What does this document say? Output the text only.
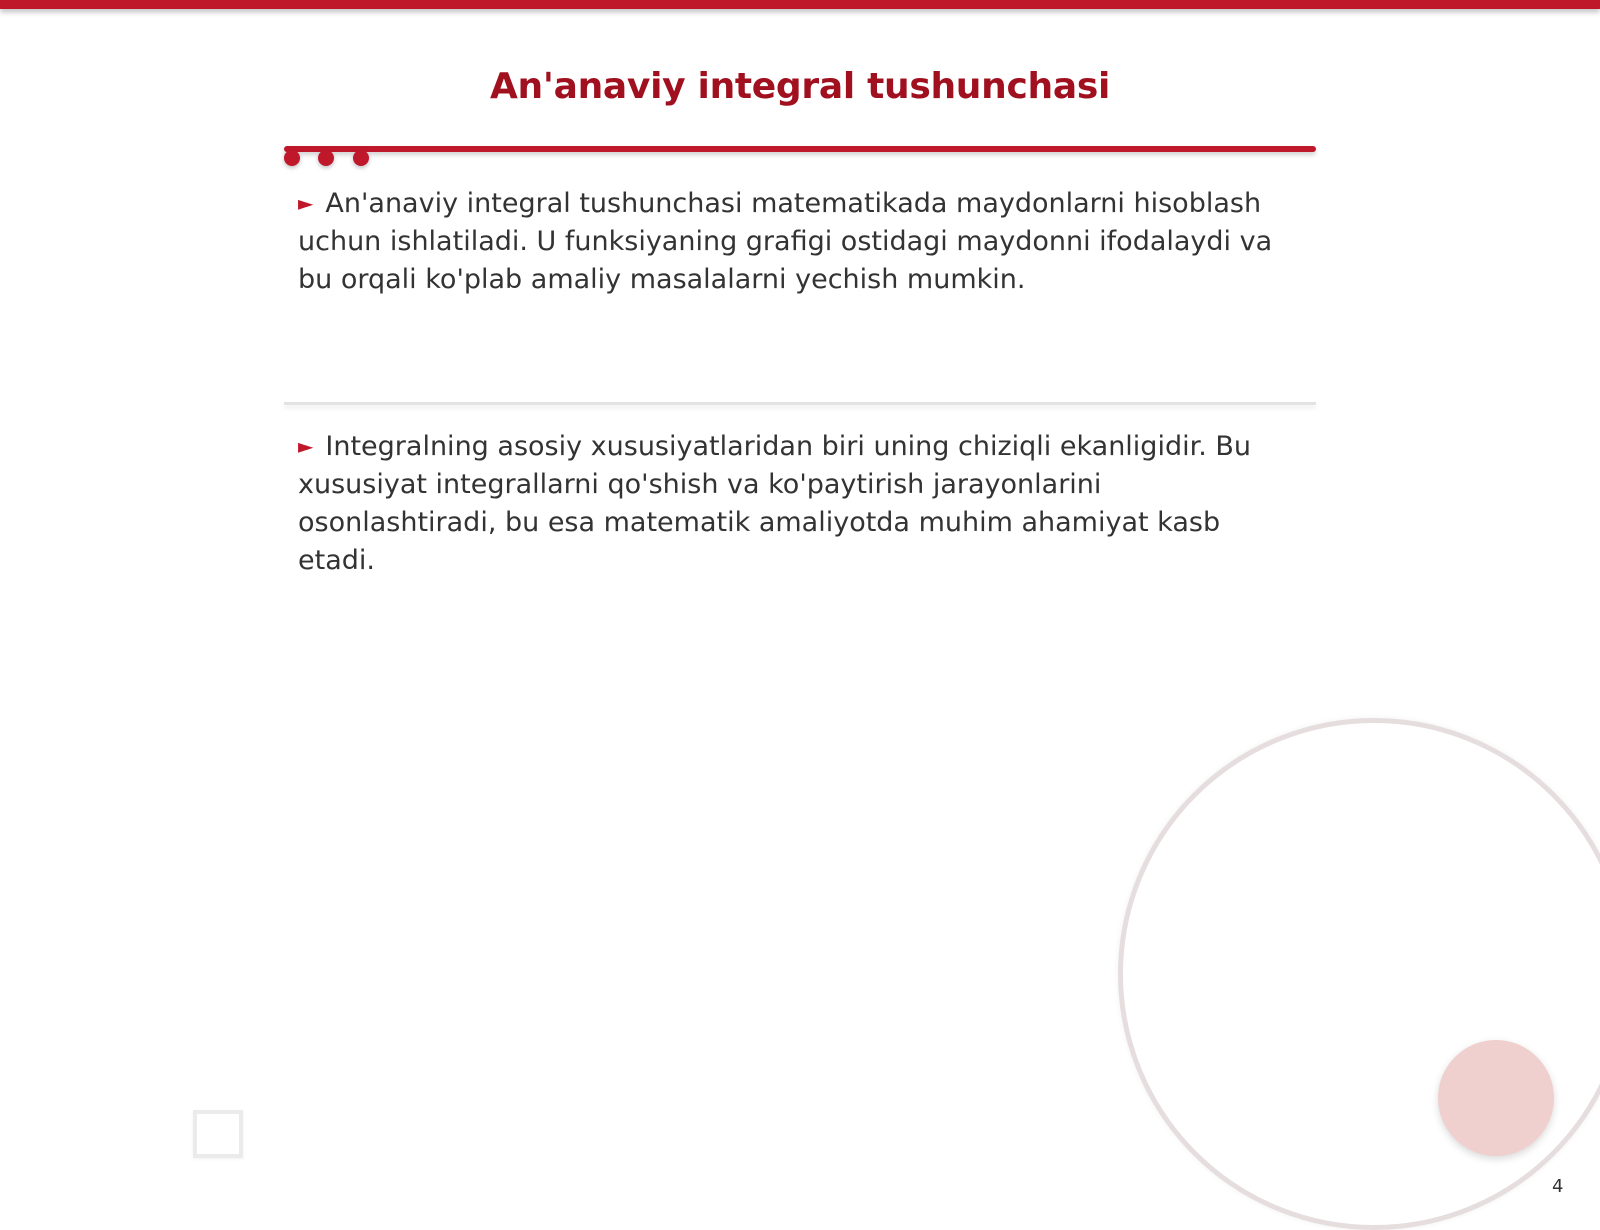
An'anaviy integral tushunchasi
► An'anaviy integral tushunchasi matematikada maydonlarni hisoblash uchun ishlatiladi. U funksiyaning grafigi ostidagi maydonni ifodalaydi va bu orqali ko'plab amaliy masalalarni yechish mumkin.
► Integralning asosiy xususiyatlaridan biri uning chiziqli ekanligidir. Bu xususiyat integrallarni qo'shish va ko'paytirish jarayonlarini osonlashtiradi, bu esa matematik amaliyotda muhim ahamiyat kasb etadi.
4
